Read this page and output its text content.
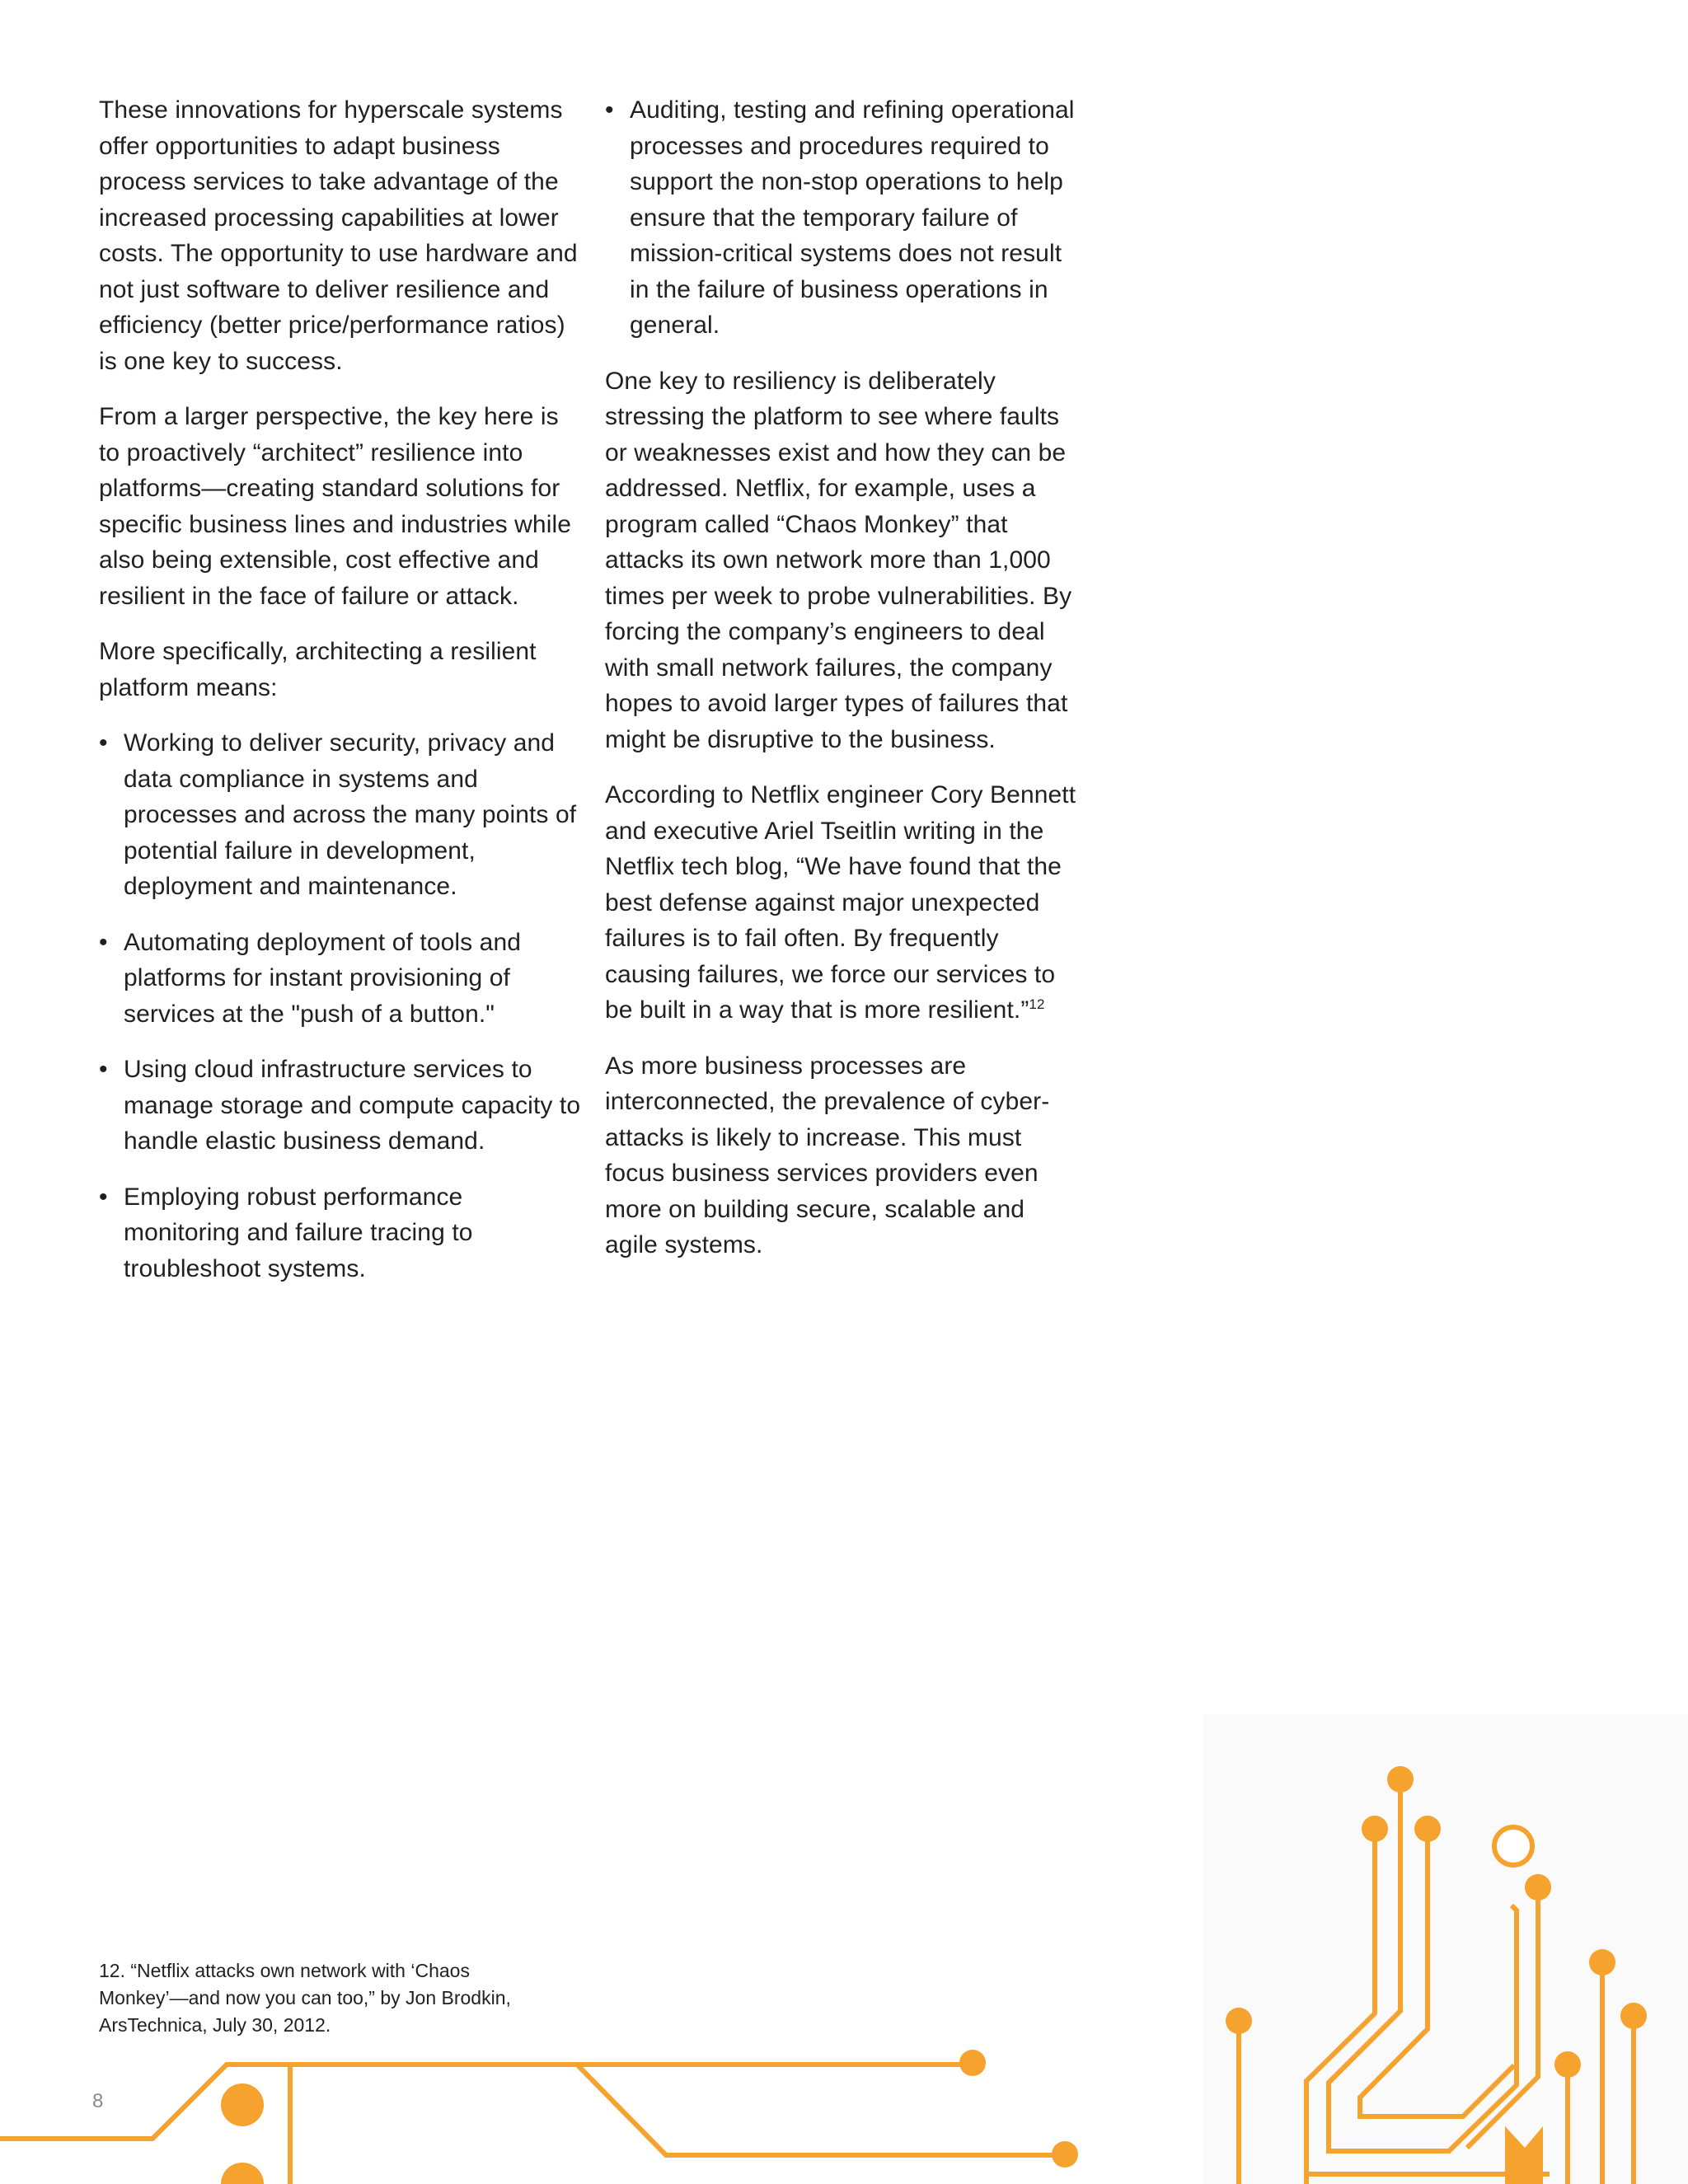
These innovations for hyperscale systems offer opportunities to adapt business process services to take advantage of the increased processing capabilities at lower costs. The opportunity to use hardware and not just software to deliver resilience and efficiency (better price/performance ratios) is one key to success.

From a larger perspective, the key here is to proactively “architect” resilience into platforms—creating standard solutions for specific business lines and industries while also being extensible, cost effective and resilient in the face of failure or attack.

More specifically, architecting a resilient platform means:

• Working to deliver security, privacy and data compliance in systems and processes and across the many points of potential failure in development, deployment and maintenance.
• Automating deployment of tools and platforms for instant provisioning of services at the "push of a button."
• Using cloud infrastructure services to manage storage and compute capacity to handle elastic business demand.
• Employing robust performance monitoring and failure tracing to troubleshoot systems.
• Auditing, testing and refining operational processes and procedures required to support the non-stop operations to help ensure that the temporary failure of mission-critical systems does not result in the failure of business operations in general.

One key to resiliency is deliberately stressing the platform to see where faults or weaknesses exist and how they can be addressed. Netflix, for example, uses a program called “Chaos Monkey” that attacks its own network more than 1,000 times per week to probe vulnerabilities. By forcing the company’s engineers to deal with small network failures, the company hopes to avoid larger types of failures that might be disruptive to the business.

According to Netflix engineer Cory Bennett and executive Ariel Tseitlin writing in the Netflix tech blog, “We have found that the best defense against major unexpected failures is to fail often. By frequently causing failures, we force our services to be built in a way that is more resilient.”$^{12}$

As more business processes are interconnected, the prevalence of cyber-attacks is likely to increase. This must focus business services providers even more on building secure, scalable and agile systems.

12. “Netflix attacks own network with ‘Chaos
Monkey’—and now you can too,” by Jon Brodkin,
ArsTechnica, July 30, 2012.
8
